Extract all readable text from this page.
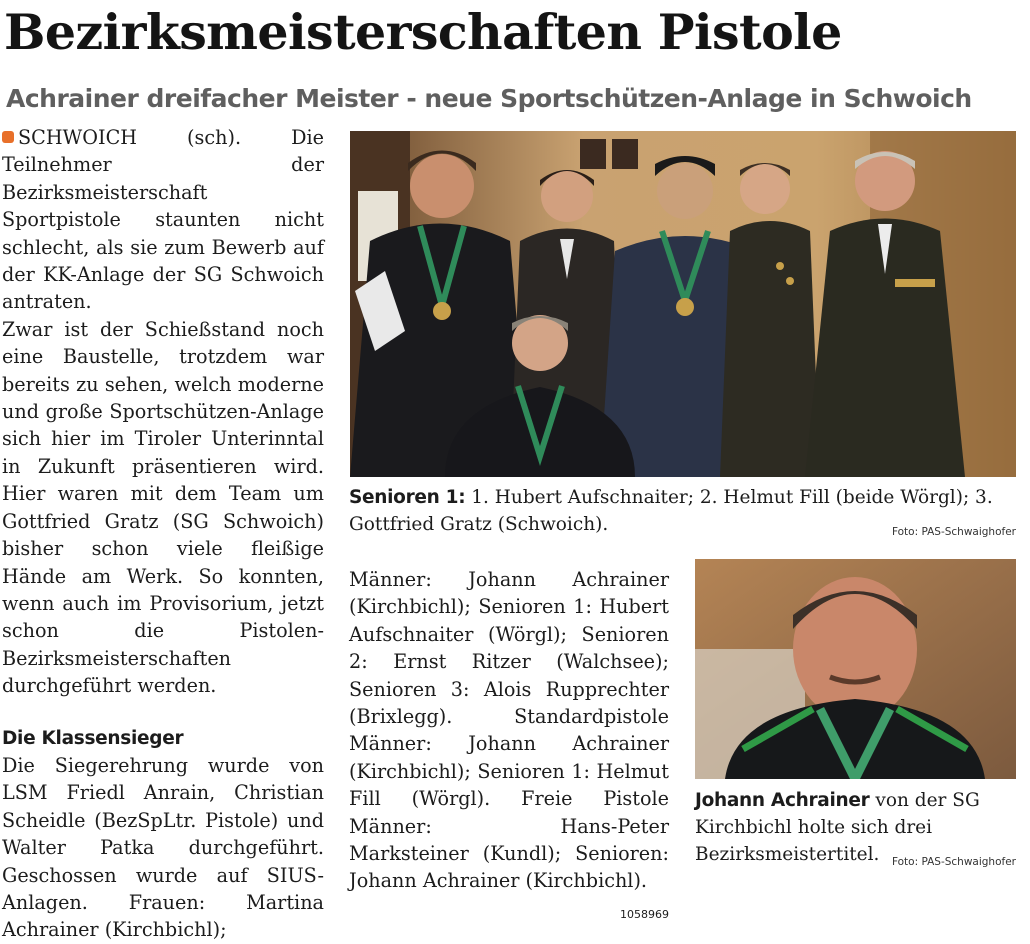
Bezirksmeisterschaften Pistole
Achrainer dreifacher Meister - neue Sportschützen-Anlage in Schwoich

SCHWOICH (sch). Die Teilnehmer der Bezirksmeisterschaft Sportpistole staunten nicht schlecht, als sie zum Bewerb auf der KK-Anlage der SG Schwoich antraten.

Zwar ist der Schießstand noch eine Baustelle, trotzdem war bereits zu sehen, welch moderne und große Sportschützen-Anlage sich hier im Tiroler Unterinntal in Zukunft präsentieren wird. Hier waren mit dem Team um Gottfried Gratz (SG Schwoich) bisher schon viele fleißige Hände am Werk. So konnten, wenn auch im Provisorium, jetzt schon die Pistolen-Bezirksmeisterschaften durchgeführt werden.

Die Klassensieger

Die Siegerehrung wurde von LSM Friedl Anrain, Christian Scheidle (BezSpLtr. Pistole) und Walter Patka durchgeführt. Geschossen wurde auf SIUS-Anlagen. Frauen: Martina Achrainer (Kirchbichl);

Männer: Johann Achrainer (Kirchbichl); Senioren 1: Hubert Aufschnaiter (Wörgl); Senioren 2: Ernst Ritzer (Walchsee); Senioren 3: Alois Rupprechter (Brixlegg). Standardpistole Männer: Johann Achrainer (Kirchbichl); Senioren 1: Helmut Fill (Wörgl). Freie Pistole Männer: Hans-Peter Marksteiner (Kundl); Senioren: Johann Achrainer (Kirchbichl).
1058969

Senioren 1: 1. Hubert Aufschnaiter; 2. Helmut Fill (beide Wörgl); 3. Gottfried Gratz (Schwoich).	Foto: PAS-Schwaighofer
Johann Achrainer von der SG Kirchbichl holte sich drei Bezirksmeistertitel. Foto: PAS-Schwaighofer
